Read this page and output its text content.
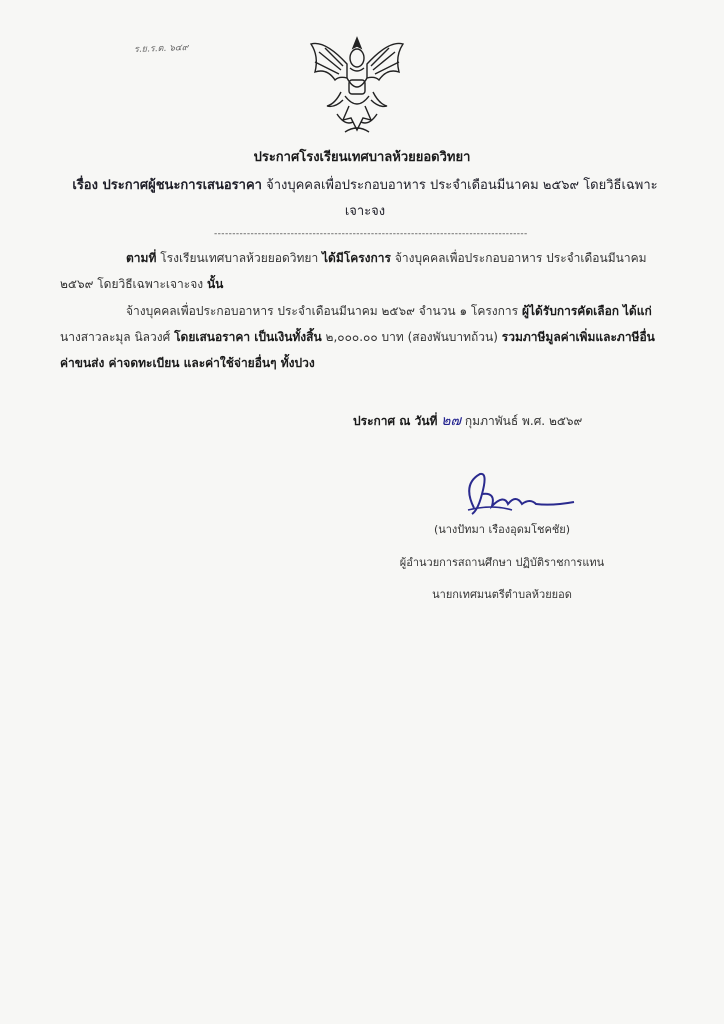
ร.ย.ร.ต. ๖๔๙
ประกาศโรงเรียนเทศบาลห้วยยอดวิทยา
เรื่อง ประกาศผู้ชนะการเสนอราคา จ้างบุคคลเพื่อประกอบอาหาร ประจำเดือนมีนาคม ๒๕๖๙ โดยวิธีเฉพาะเจาะจง
--------------------------------------------------------------------------------------
ตามที่ โรงเรียนเทศบาลห้วยยอดวิทยา ได้มีโครงการ จ้างบุคคลเพื่อประกอบอาหาร ประจำเดือนมีนาคม ๒๕๖๙ โดยวิธีเฉพาะเจาะจง นั้น
จ้างบุคคลเพื่อประกอบอาหาร ประจำเดือนมีนาคม ๒๕๖๙ จำนวน ๑ โครงการ ผู้ได้รับการคัดเลือก ได้แก่ นางสาวละมุล นิลวงศ์ โดยเสนอราคา เป็นเงินทั้งสิ้น ๒,๐๐๐.๐๐ บาท (สองพันบาทถ้วน) รวมภาษีมูลค่าเพิ่มและภาษีอื่น ค่าขนส่ง ค่าจดทะเบียน และค่าใช้จ่ายอื่นๆ ทั้งปวง
ประกาศ ณ วันที่ ๒๗ กุมภาพันธ์ พ.ศ. ๒๕๖๙
(นางปัทมา เรืองอุดมโชคชัย)
ผู้อำนวยการสถานศึกษา ปฏิบัติราชการแทน
นายกเทศมนตรีตำบลห้วยยอด
